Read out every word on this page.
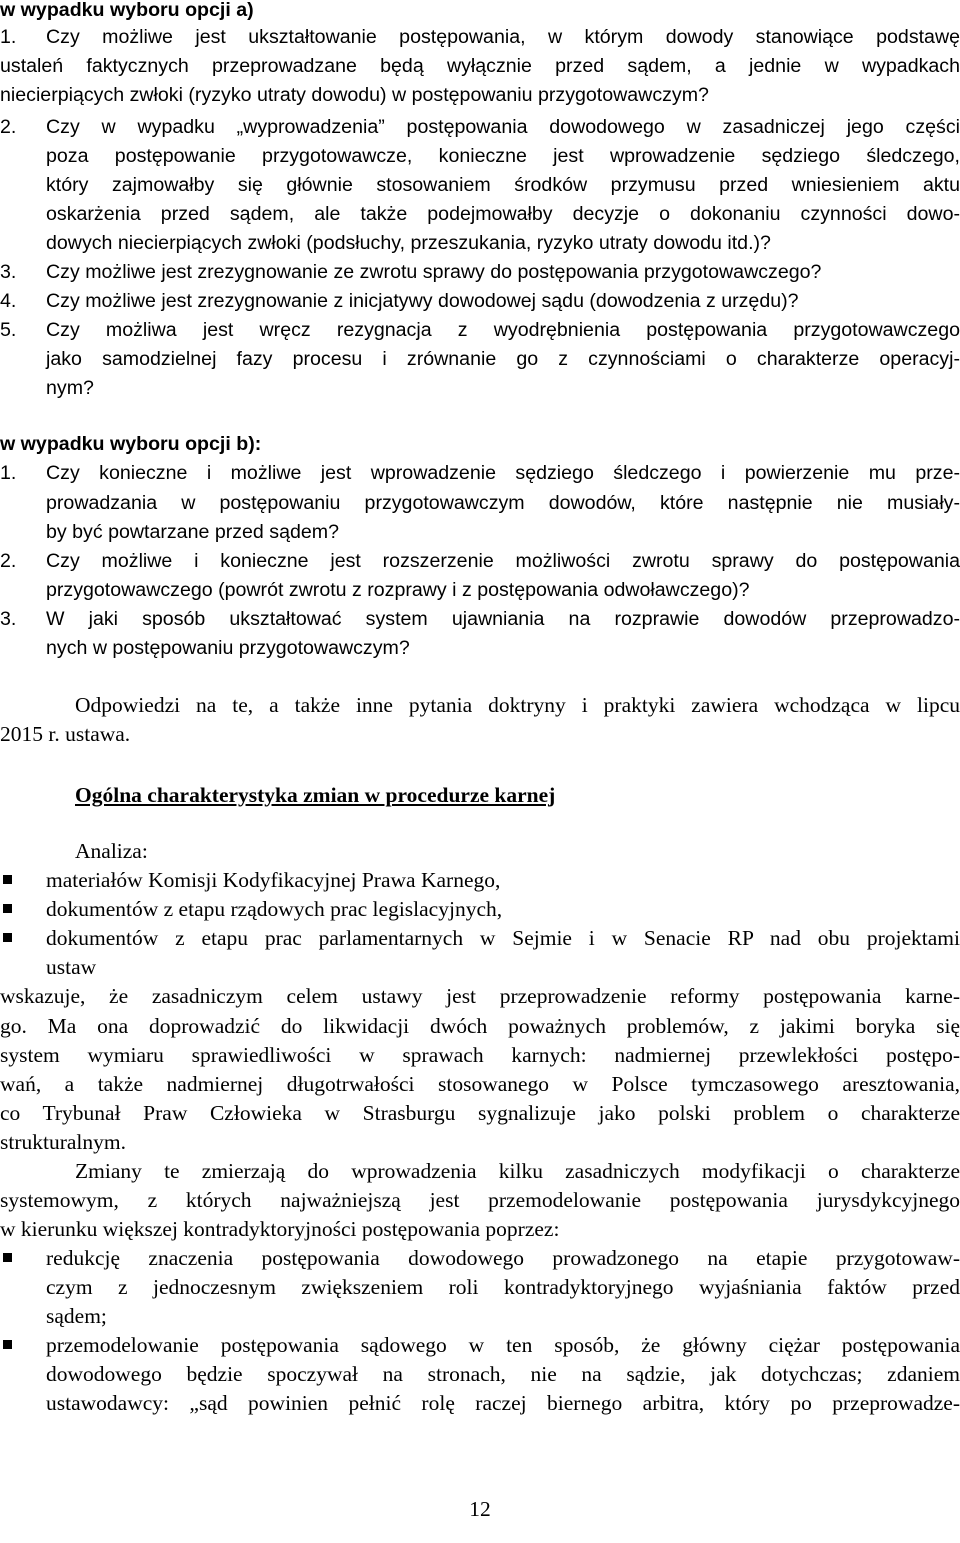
w wypadku wyboru opcji a)
1. Czy możliwe jest ukształtowanie postępowania, w którym dowody stanowiące podstawę
ustaleń faktycznych przeprowadzane będą wyłącznie przed sądem, a jednie w wypadkach
niecierpiących zwłoki (ryzyko utraty dowodu) w postępowaniu przygotowawczym?
2. Czy w wypadku „wyprowadzenia” postępowania dowodowego w zasadniczej jego części
poza postępowanie przygotowawcze, konieczne jest wprowadzenie sędziego śledczego,
który zajmowałby się głównie stosowaniem środków przymusu przed wniesieniem aktu
oskarżenia przed sądem, ale także podejmowałby decyzje o dokonaniu czynności dowo-
dowych niecierpiących zwłoki (podsłuchy, przeszukania, ryzyko utraty dowodu itd.)?
3. Czy możliwe jest zrezygnowanie ze zwrotu sprawy do postępowania przygotowawczego?
4. Czy możliwe jest zrezygnowanie z inicjatywy dowodowej sądu (dowodzenia z urzędu)?
5. Czy możliwa jest wręcz rezygnacja z wyodrębnienia postępowania przygotowawczego
jako samodzielnej fazy procesu i zrównanie go z czynnościami o charakterze operacyj-
nym?
w wypadku wyboru opcji b):
1. Czy konieczne i możliwe jest wprowadzenie sędziego śledczego i powierzenie mu prze-
prowadzania w postępowaniu przygotowawczym dowodów, które następnie nie musiały-
by być powtarzane przed sądem?
2. Czy możliwe i konieczne jest rozszerzenie możliwości zwrotu sprawy do postępowania
przygotowawczego (powrót zwrotu z rozprawy i z postępowania odwoławczego)?
3. W jaki sposób ukształtować system ujawniania na rozprawie dowodów przeprowadzo-
nych w postępowaniu przygotowawczym?
Odpowiedzi na te, a także inne pytania doktryny i praktyki zawiera wchodząca w lipcu
2015 r. ustawa.
Ogólna charakterystyka zmian w procedurze karnej
Analiza:
materiałów Komisji Kodyfikacyjnej Prawa Karnego,
dokumentów z etapu rządowych prac legislacyjnych,
dokumentów z etapu prac parlamentarnych w Sejmie i w Senacie RP nad obu projektami
ustaw
wskazuje, że zasadniczym celem ustawy jest przeprowadzenie reformy postępowania karne-
go. Ma ona doprowadzić do likwidacji dwóch poważnych problemów, z jakimi boryka się
system wymiaru sprawiedliwości w sprawach karnych: nadmiernej przewlekłości postępo-
wań, a także nadmiernej długotrwałości stosowanego w Polsce tymczasowego aresztowania,
co Trybunał Praw Człowieka w Strasburgu sygnalizuje jako polski problem o charakterze
strukturalnym.
Zmiany te zmierzają do wprowadzenia kilku zasadniczych modyfikacji o charakterze
systemowym, z których najważniejszą jest przemodelowanie postępowania jurysdykcyjnego
w kierunku większej kontradyktoryjności postępowania poprzez:
redukcję znaczenia postępowania dowodowego prowadzonego na etapie przygotowaw-
czym z jednoczesnym zwiększeniem roli kontradyktoryjnego wyjaśniania faktów przed
sądem;
przemodelowanie postępowania sądowego w ten sposób, że główny ciężar postępowania
dowodowego będzie spoczywał na stronach, nie na sądzie, jak dotychczas; zdaniem
ustawodawcy: „sąd powinien pełnić rolę raczej biernego arbitra, który po przeprowadze-
12
